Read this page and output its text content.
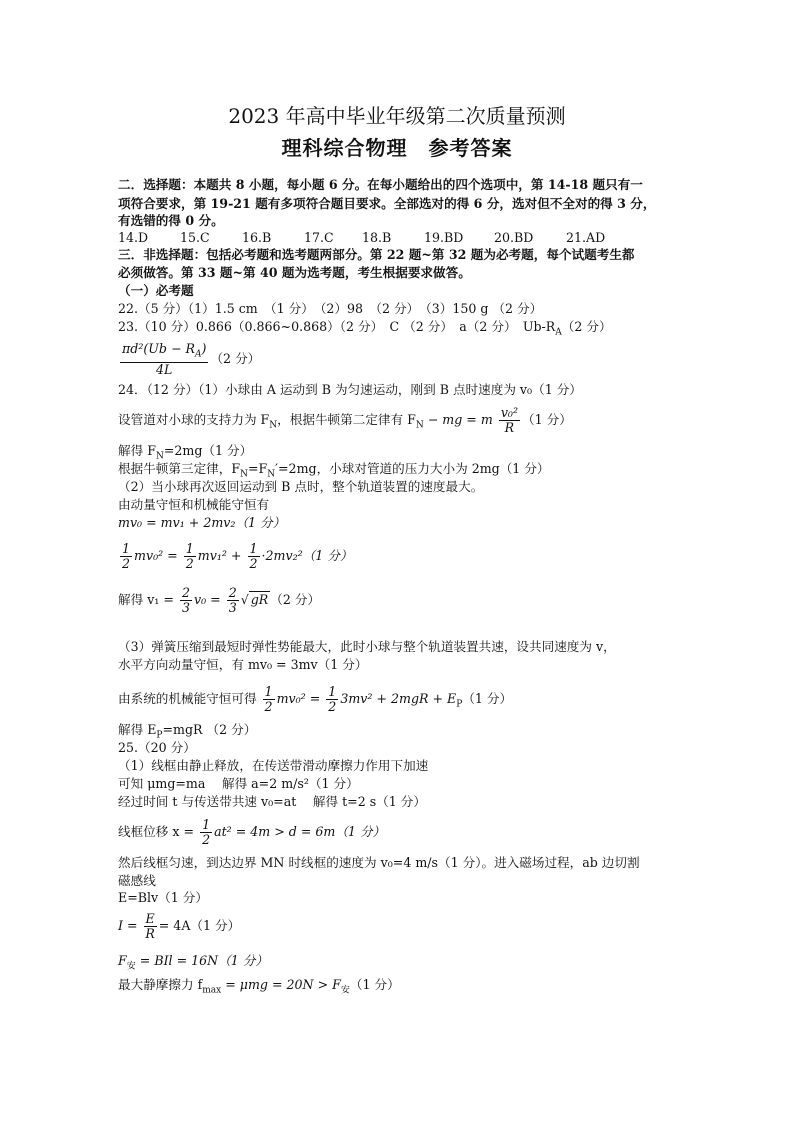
2023 年高中毕业年级第二次质量预测
理科综合物理　参考答案
二．选择题：本题共 8 小题，每小题 6 分。在每小题给出的四个选项中，第 14-18 题只有一
项符合要求，第 19-21 题有多项符合题目要求。全部选对的得 6 分，选对但不全对的得 3 分，
有选错的得 0 分。
14.D	15.C	16.B	17.C 18.B	19.BD 20.BD	21.AD
三．非选择题：包括必考题和选考题两部分。第 22 题~第 32 题为必考题，每个试题考生都
必须做答。第 33 题~第 40 题为选考题，考生根据要求做答。
（一）必考题
22.（5 分）（1）1.5 cm　（1 分）　（2）98　（2 分）　（3）150 g （2 分）
23.（10 分）0.866（0.866~0.868）（2 分）　C （2 分）　a（2 分）　$Ub-R_A(2$ 分）
$\frac{\pi d^2(Ub - R_A)}{4L} (2$ 分）
24．（12 分）（1）小球由 A 运动到 B 为匀速运动，刚到 B 点时速度为 v₀（1 分）
设管道对小球的支持力为 $F_N$，根据牛顿第二定律有 $F_N$ − mg = m $\frac{\text{v₀²}}{R} (1$ 分）
解得 $F_N=2mg(1$ 分）
根据牛顿第三定律，$F_N=F_N'=2mg$，小球对管道的压力大小为 2mg（1 分）
（2）当小球再次返回运动到 B 点时，整个轨道装置的速度最大。
由动量守恒和机械能守恒有
mv₀ = mv₁ + 2mv₂（1 分）
$\frac{1}{2} mv_0^2 = \frac{1}{2} mv_1^2 + \frac{1}{2} \cdot 2mv_2^2(1$ 分）
解得 $v_1 = \frac{2}{3} v_0 = \frac{2}{3}$ √ gR （2 分）
（3）弹簧压缩到最短时弹性势能最大，此时小球与整个轨道装置共速，设共同速度为 v，
水平方向动量守恒，有 mv₀ = 3mv（1 分）
由系统的机械能守恒可得 $\frac{1}{2} mv_0^2 = \frac{1}{2} 3mv^2 + 2mgR + E_P(1$ 分）
解得 $E_P=mgR$ （2 分）
25.（20 分）
（1）线框由静止释放，在传送带滑动摩擦力作用下加速
可知 μmg=ma　 解得 a=2 m/s²（1 分）
经过时间 t 与传送带共速 v₀=at　 解得 t=2 s（1 分）
线框位移 $x = \frac{1}{2} at^2 = 4m > d = 6m(1$ 分）
然后线框匀速，到达边界 MN 时线框的速度为 v₀=4 m/s（1 分）。进入磁场过程，ab 边切割
磁感线
E=Blv（1 分）
$I = \frac{E}{R} = 4A(1$ 分）
$F_安$ = BIl = 16N（1 分）
最大静摩擦力 $f_{max} = \mu mg = 20N > F_安(1$ 分）
